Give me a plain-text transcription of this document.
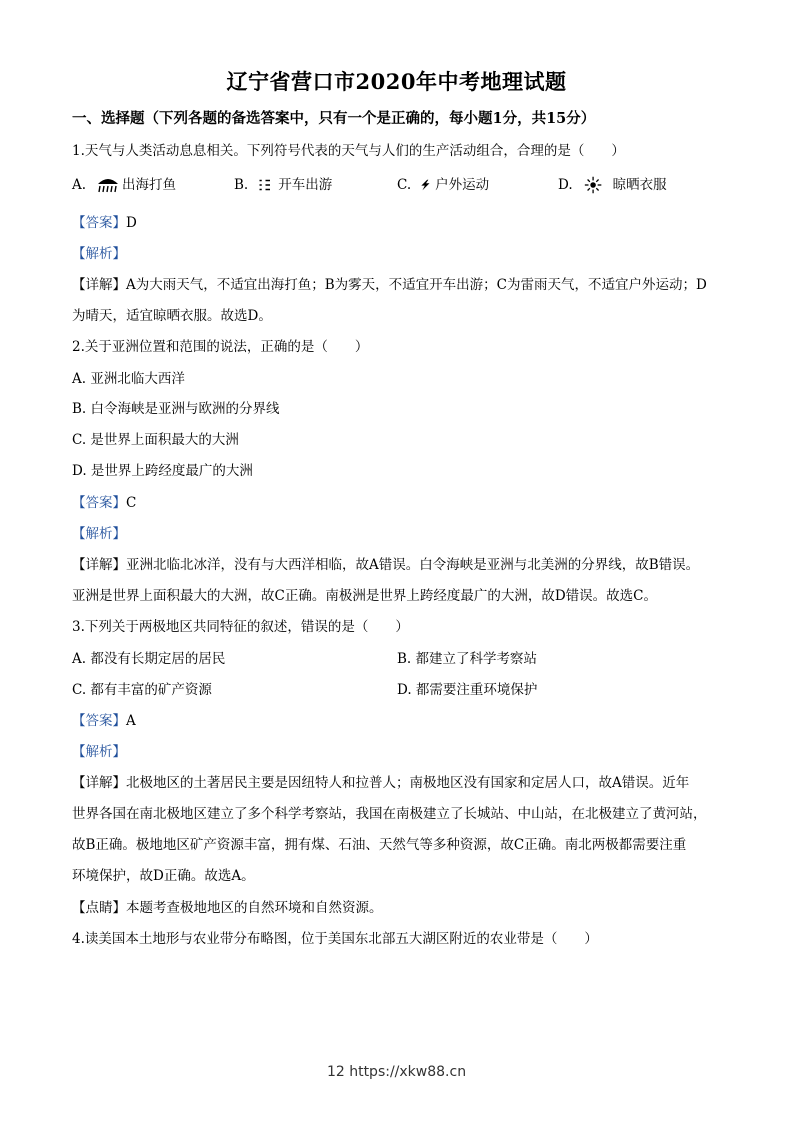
辽宁省营口市2020年中考地理试题
一、选择题（下列各题的备选答案中，只有一个是正确的，每小题1分，共15分）
1.天气与人类活动息息相关。下列符号代表的天气与人们的生产活动组合，合理的是（　　）
A.	出海打鱼	B. 开车出游	C. 户外运动	D.	晾晒衣服
【答案】D
【解析】
【详解】A为大雨天气，不适宜出海打鱼；B为雾天，不适宜开车出游；C为雷雨天气，不适宜户外运动；D
为晴天，适宜晾晒衣服。故选D。
2.关于亚洲位置和范围的说法，正确的是（　　）
A. 亚洲北临大西洋
B. 白令海峡是亚洲与欧洲的分界线
C. 是世界上面积最大的大洲
D. 是世界上跨经度最广的大洲
【答案】C
【解析】
【详解】亚洲北临北冰洋，没有与大西洋相临，故A错误。白令海峡是亚洲与北美洲的分界线，故B错误。
亚洲是世界上面积最大的大洲，故C正确。南极洲是世界上跨经度最广的大洲，故D错误。故选C。
3.下列关于两极地区共同特征的叙述，错误的是（　　）
A. 都没有长期定居的居民	B. 都建立了科学考察站
C. 都有丰富的矿产资源	D. 都需要注重环境保护
【答案】A
【解析】
【详解】北极地区的土著居民主要是因纽特人和拉普人；南极地区没有国家和定居人口，故A错误。近年
世界各国在南北极地区建立了多个科学考察站，我国在南极建立了长城站、中山站，在北极建立了黄河站，
故B正确。极地地区矿产资源丰富，拥有煤、石油、天然气等多种资源，故C正确。南北两极都需要注重
环境保护，故D正确。故选A。
【点睛】本题考查极地地区的自然环境和自然资源。
4.读美国本土地形与农业带分布略图，位于美国东北部五大湖区附近的农业带是（　　）
12 https://xkw88.cn
